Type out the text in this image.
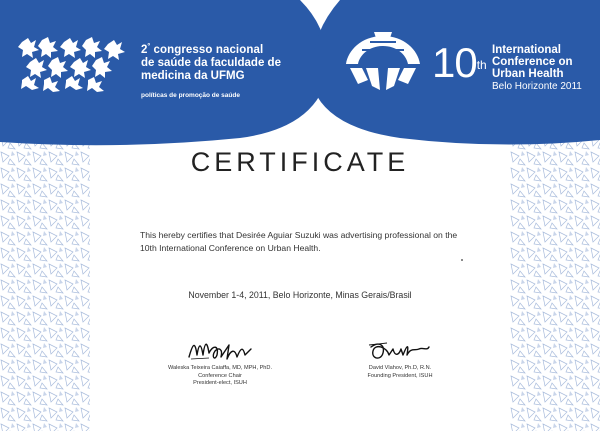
$2^º$ congresso nacional
de saúde da faculdade de
medicina da UFMG
políticas de promoção de saúde
10th
International
Conference on
Urban Health
Belo Horizonte 2011
CERTIFICATE
This hereby certifies that Desirée Aguiar Suzuki was advertising professional on the
10th International Conference on Urban Health.
November 1-4, 2011, Belo Horizonte, Minas Gerais/Brasil
Waleska Teixeira Caiaffa, MD, MPH, PhD.
Conference Chair
President-elect, ISUH
David Vlahov, Ph.D, R.N.
Founding President, ISUH
